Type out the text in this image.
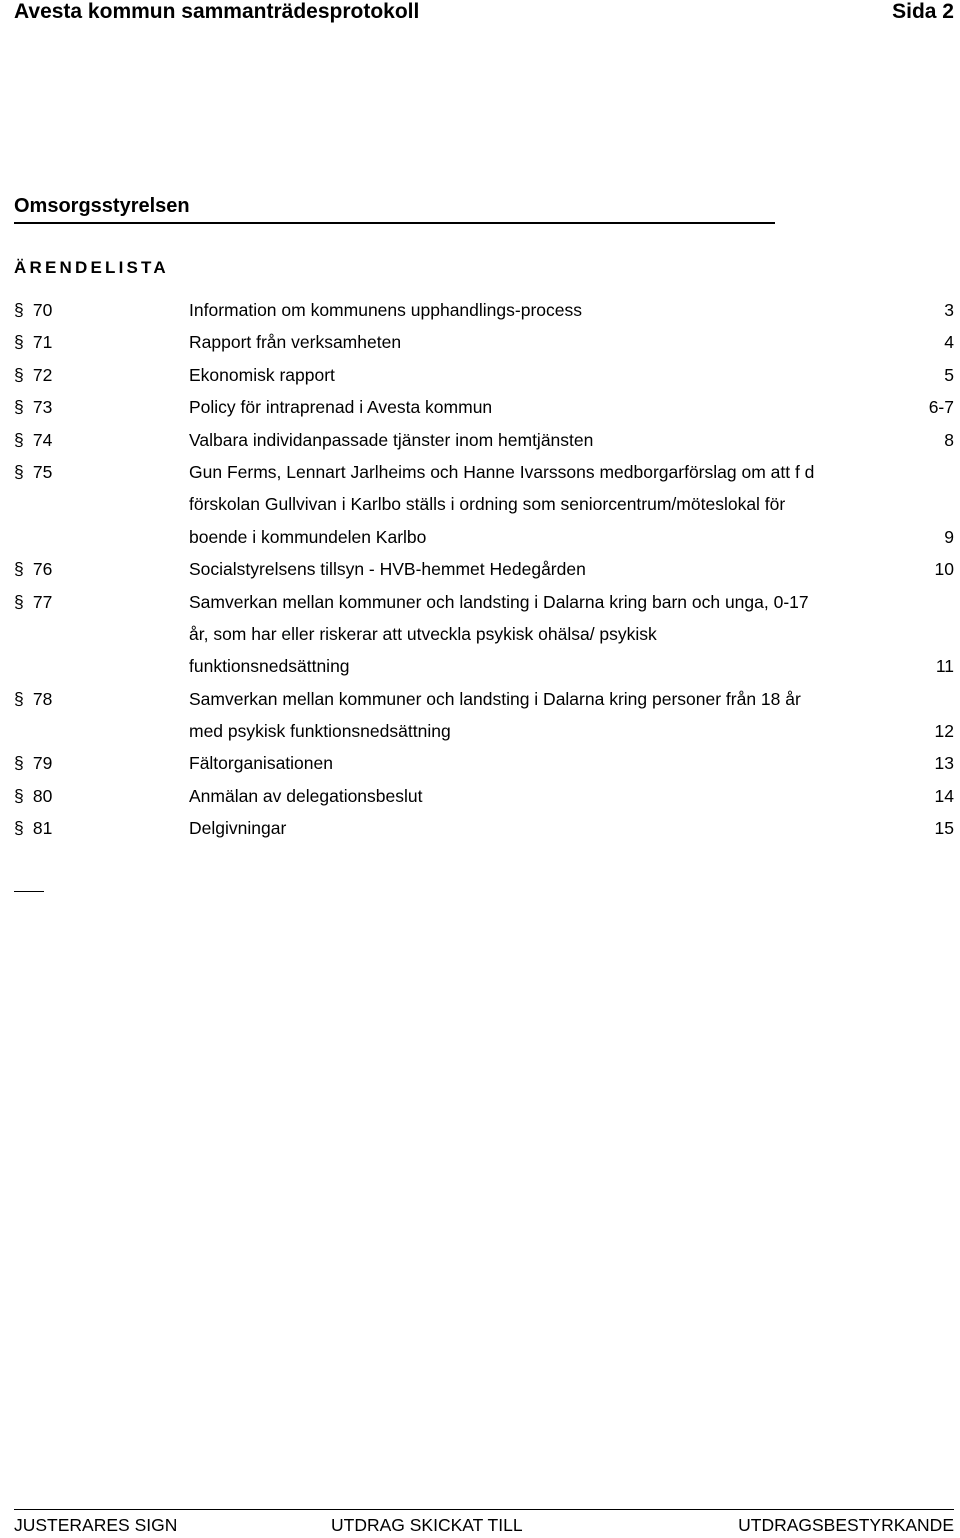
Avesta kommun sammanträdesprotokoll	Sida 2
Omsorgsstyrelsen
ÄRENDELISTA
§ 70	Information om kommunens upphandlings-process	3
§ 71	Rapport från verksamheten	4
§ 72	Ekonomisk rapport	5
§ 73	Policy för intraprenad i Avesta kommun	6-7
§ 74	Valbara individanpassade tjänster inom hemtjänsten	8
§ 75	Gun Ferms, Lennart Jarlheims och Hanne Ivarssons medborgarförslag om att f d
förskolan Gullvivan i Karlbo ställs i ordning som seniorcentrum/möteslokal för
boende i kommundelen Karlbo	9
§ 76	Socialstyrelsens tillsyn - HVB-hemmet Hedegården	10
§ 77	Samverkan mellan kommuner och landsting i Dalarna kring barn och unga, 0-17
år, som har eller riskerar att utveckla psykisk ohälsa/ psykisk
funktionsnedsättning	11
§ 78	Samverkan mellan kommuner och landsting i Dalarna kring personer från 18 år
med psykisk funktionsnedsättning	12
§ 79	Fältorganisationen	13
§ 80	Anmälan av delegationsbeslut	14
§ 81	Delgivningar	15
JUSTERARES SIGN	UTDRAG SKICKAT TILL	UTDRAGSBESTYRKANDE
